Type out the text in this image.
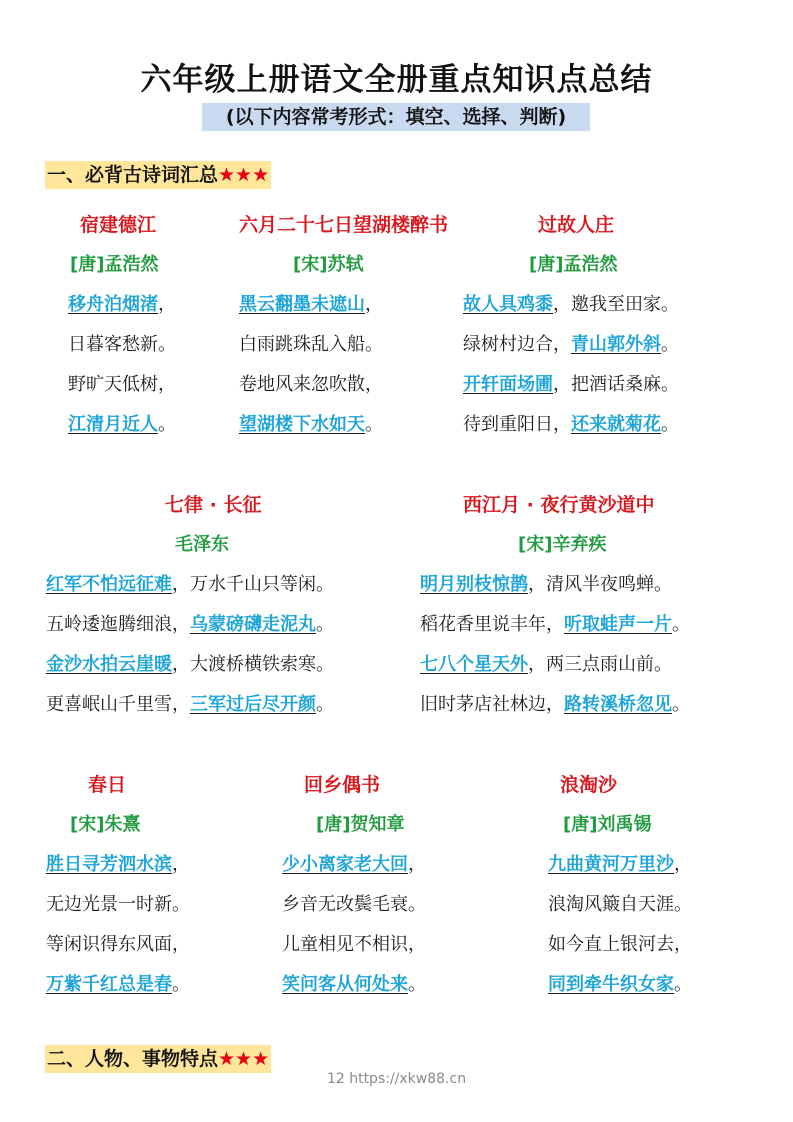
六年级上册语文全册重点知识点总结
(以下内容常考形式：填空、选择、判断)
一、必背古诗词汇总★★★
宿建德江
[唐]孟浩然
移舟泊烟渚，
日暮客愁新。
野旷天低树，
江清月近人。
六月二十七日望湖楼醉书
[宋]苏轼
黑云翻墨未遮山，
白雨跳珠乱入船。
卷地风来忽吹散，
望湖楼下水如天。
过故人庄
[唐]孟浩然
故人具鸡黍，邀我至田家。
绿树村边合，青山郭外斜。
开轩面场圃，把酒话桑麻。
待到重阳日，还来就菊花。
七律 · 长征
毛泽东
红军不怕远征难，万水千山只等闲。
五岭逶迤腾细浪，乌蒙磅礴走泥丸。
金沙水拍云崖暖，大渡桥横铁索寒。
更喜岷山千里雪，三军过后尽开颜。
西江月 · 夜行黄沙道中
[宋]辛弃疾
明月别枝惊鹊，清风半夜鸣蝉。
稻花香里说丰年，听取蛙声一片。
七八个星天外，两三点雨山前。
旧时茅店社林边，路转溪桥忽见。
春日
[宋]朱熹
胜日寻芳泗水滨，
无边光景一时新。
等闲识得东风面，
万紫千红总是春。
回乡偶书
[唐]贺知章
少小离家老大回，
乡音无改鬓毛衰。
儿童相见不相识，
笑问客从何处来。
浪淘沙
[唐]刘禹锡
九曲黄河万里沙，
浪淘风簸自天涯。
如今直上银河去，
同到牵牛织女家。
二、人物、事物特点★★★
12 https://xkw88.cn
